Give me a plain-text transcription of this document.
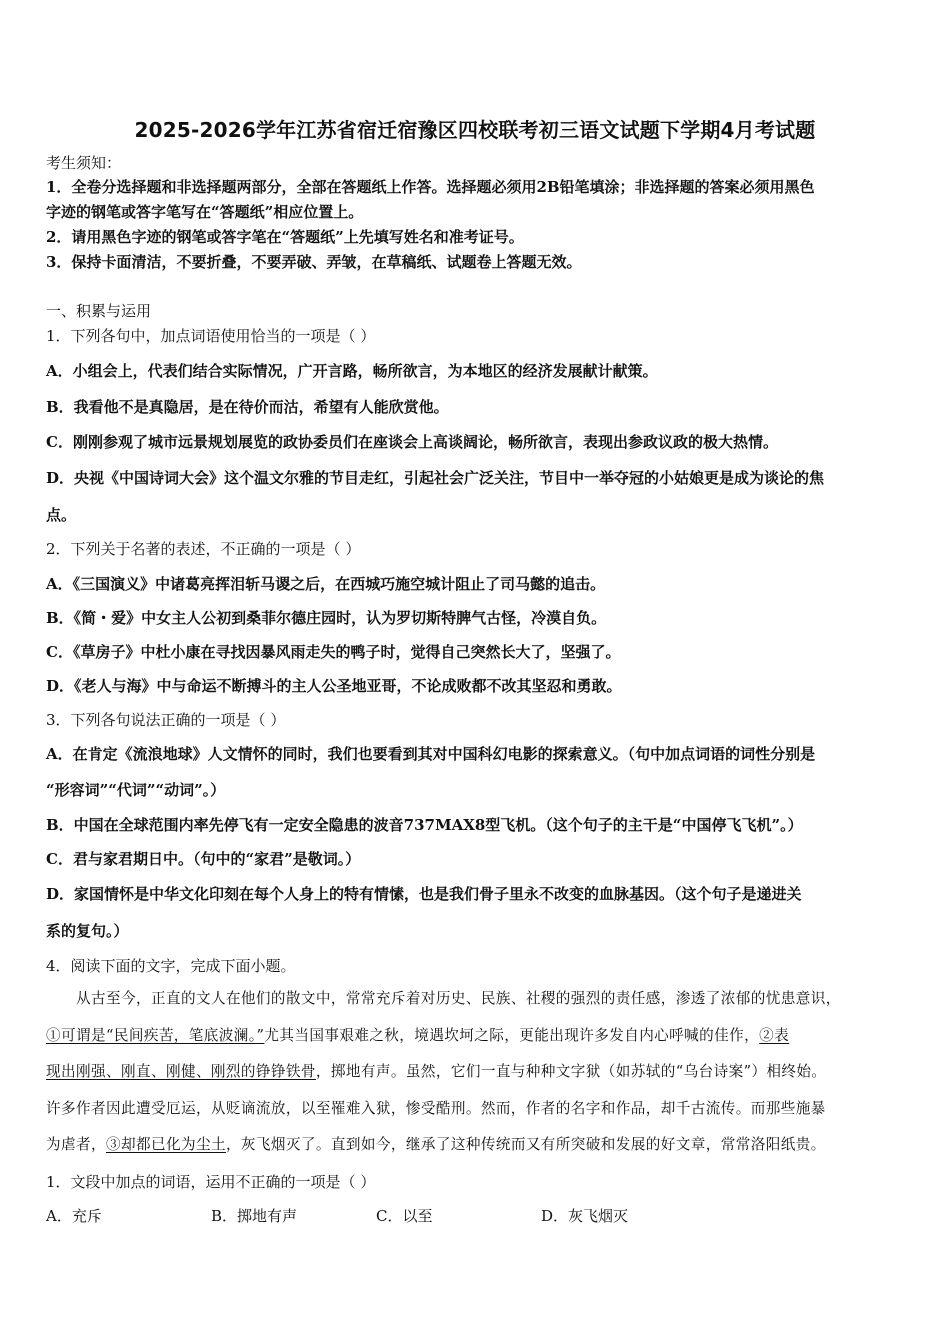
2025-2026学年江苏省宿迁宿豫区四校联考初三语文试题下学期4月考试题
考生须知：
1．全卷分选择题和非选择题两部分，全部在答题纸上作答。选择题必须用2B铅笔填涂；非选择题的答案必须用黑色
字迹的钢笔或答字笔写在“答题纸”相应位置上。
2．请用黑色字迹的钢笔或答字笔在“答题纸”上先填写姓名和准考证号。
3．保持卡面清洁，不要折叠，不要弄破、弄皱，在草稿纸、试题卷上答题无效。
一、积累与运用
1．下列各句中，加点词语使用恰当的一项是（ ）
A．小组会上，代表们结合实际情况，广开言路，畅所欲言，为本地区的经济发展献计献策。
B．我看他不是真隐居，是在待价而沽，希望有人能欣赏他。
C．刚刚参观了城市远景规划展览的政协委员们在座谈会上高谈阔论，畅所欲言，表现出参政议政的极大热情。
D．央视《中国诗词大会》这个温文尔雅的节目走红，引起社会广泛关注，节目中一举夺冠的小姑娘更是成为谈论的焦
点。
2．下列关于名著的表述，不正确的一项是（ ）
A．《三国演义》中诸葛亮挥泪斩马谡之后，在西城巧施空城计阻止了司马懿的追击。
B．《简・爱》中女主人公初到桑菲尔德庄园时，认为罗切斯特脾气古怪，冷漠自负。
C．《草房子》中杜小康在寻找因暴风雨走失的鸭子时，觉得自己突然长大了，坚强了。
D．《老人与海》中与命运不断搏斗的主人公圣地亚哥，不论成败都不改其坚忍和勇敢。
3．下列各句说法正确的一项是（ ）
A．在肯定《流浪地球》人文情怀的同时，我们也要看到其对中国科幻电影的探索意义。（句中加点词语的词性分别是
“形容词”“代词”“动词”。）
B．中国在全球范围内率先停飞有一定安全隐患的波音737MAX8型飞机。（这个句子的主干是“中国停飞飞机”。）
C．君与家君期日中。（句中的“家君”是敬词。）
D．家国情怀是中华文化印刻在每个人身上的特有情愫，也是我们骨子里永不改变的血脉基因。（这个句子是递进关
系的复句。）
4．阅读下面的文字，完成下面小题。
从古至今，正直的文人在他们的散文中，常常充斥着对历史、民族、社稷的强烈的责任感，渗透了浓郁的忧患意识，
①可谓是“民间疾苦，笔底波澜。”尤其当国事艰难之秋，境遇坎坷之际，更能出现许多发自内心呼喊的佳作，②表
现出刚强、刚直、刚健、刚烈的铮铮铁骨，掷地有声。虽然，它们一直与种种文字狱（如苏轼的“乌台诗案”）相终始。
许多作者因此遭受厄运，从贬谪流放，以至罹难入狱，惨受酷刑。然而，作者的名字和作品，却千古流传。而那些施暴
为虐者，③却都已化为尘土，灰飞烟灭了。直到如今，继承了这种传统而又有所突破和发展的好文章，常常洛阳纸贵。
1．文段中加点的词语，运用不正确的一项是（ ）
A．充斥	B．掷地有声	C．以至	D．灰飞烟灭
